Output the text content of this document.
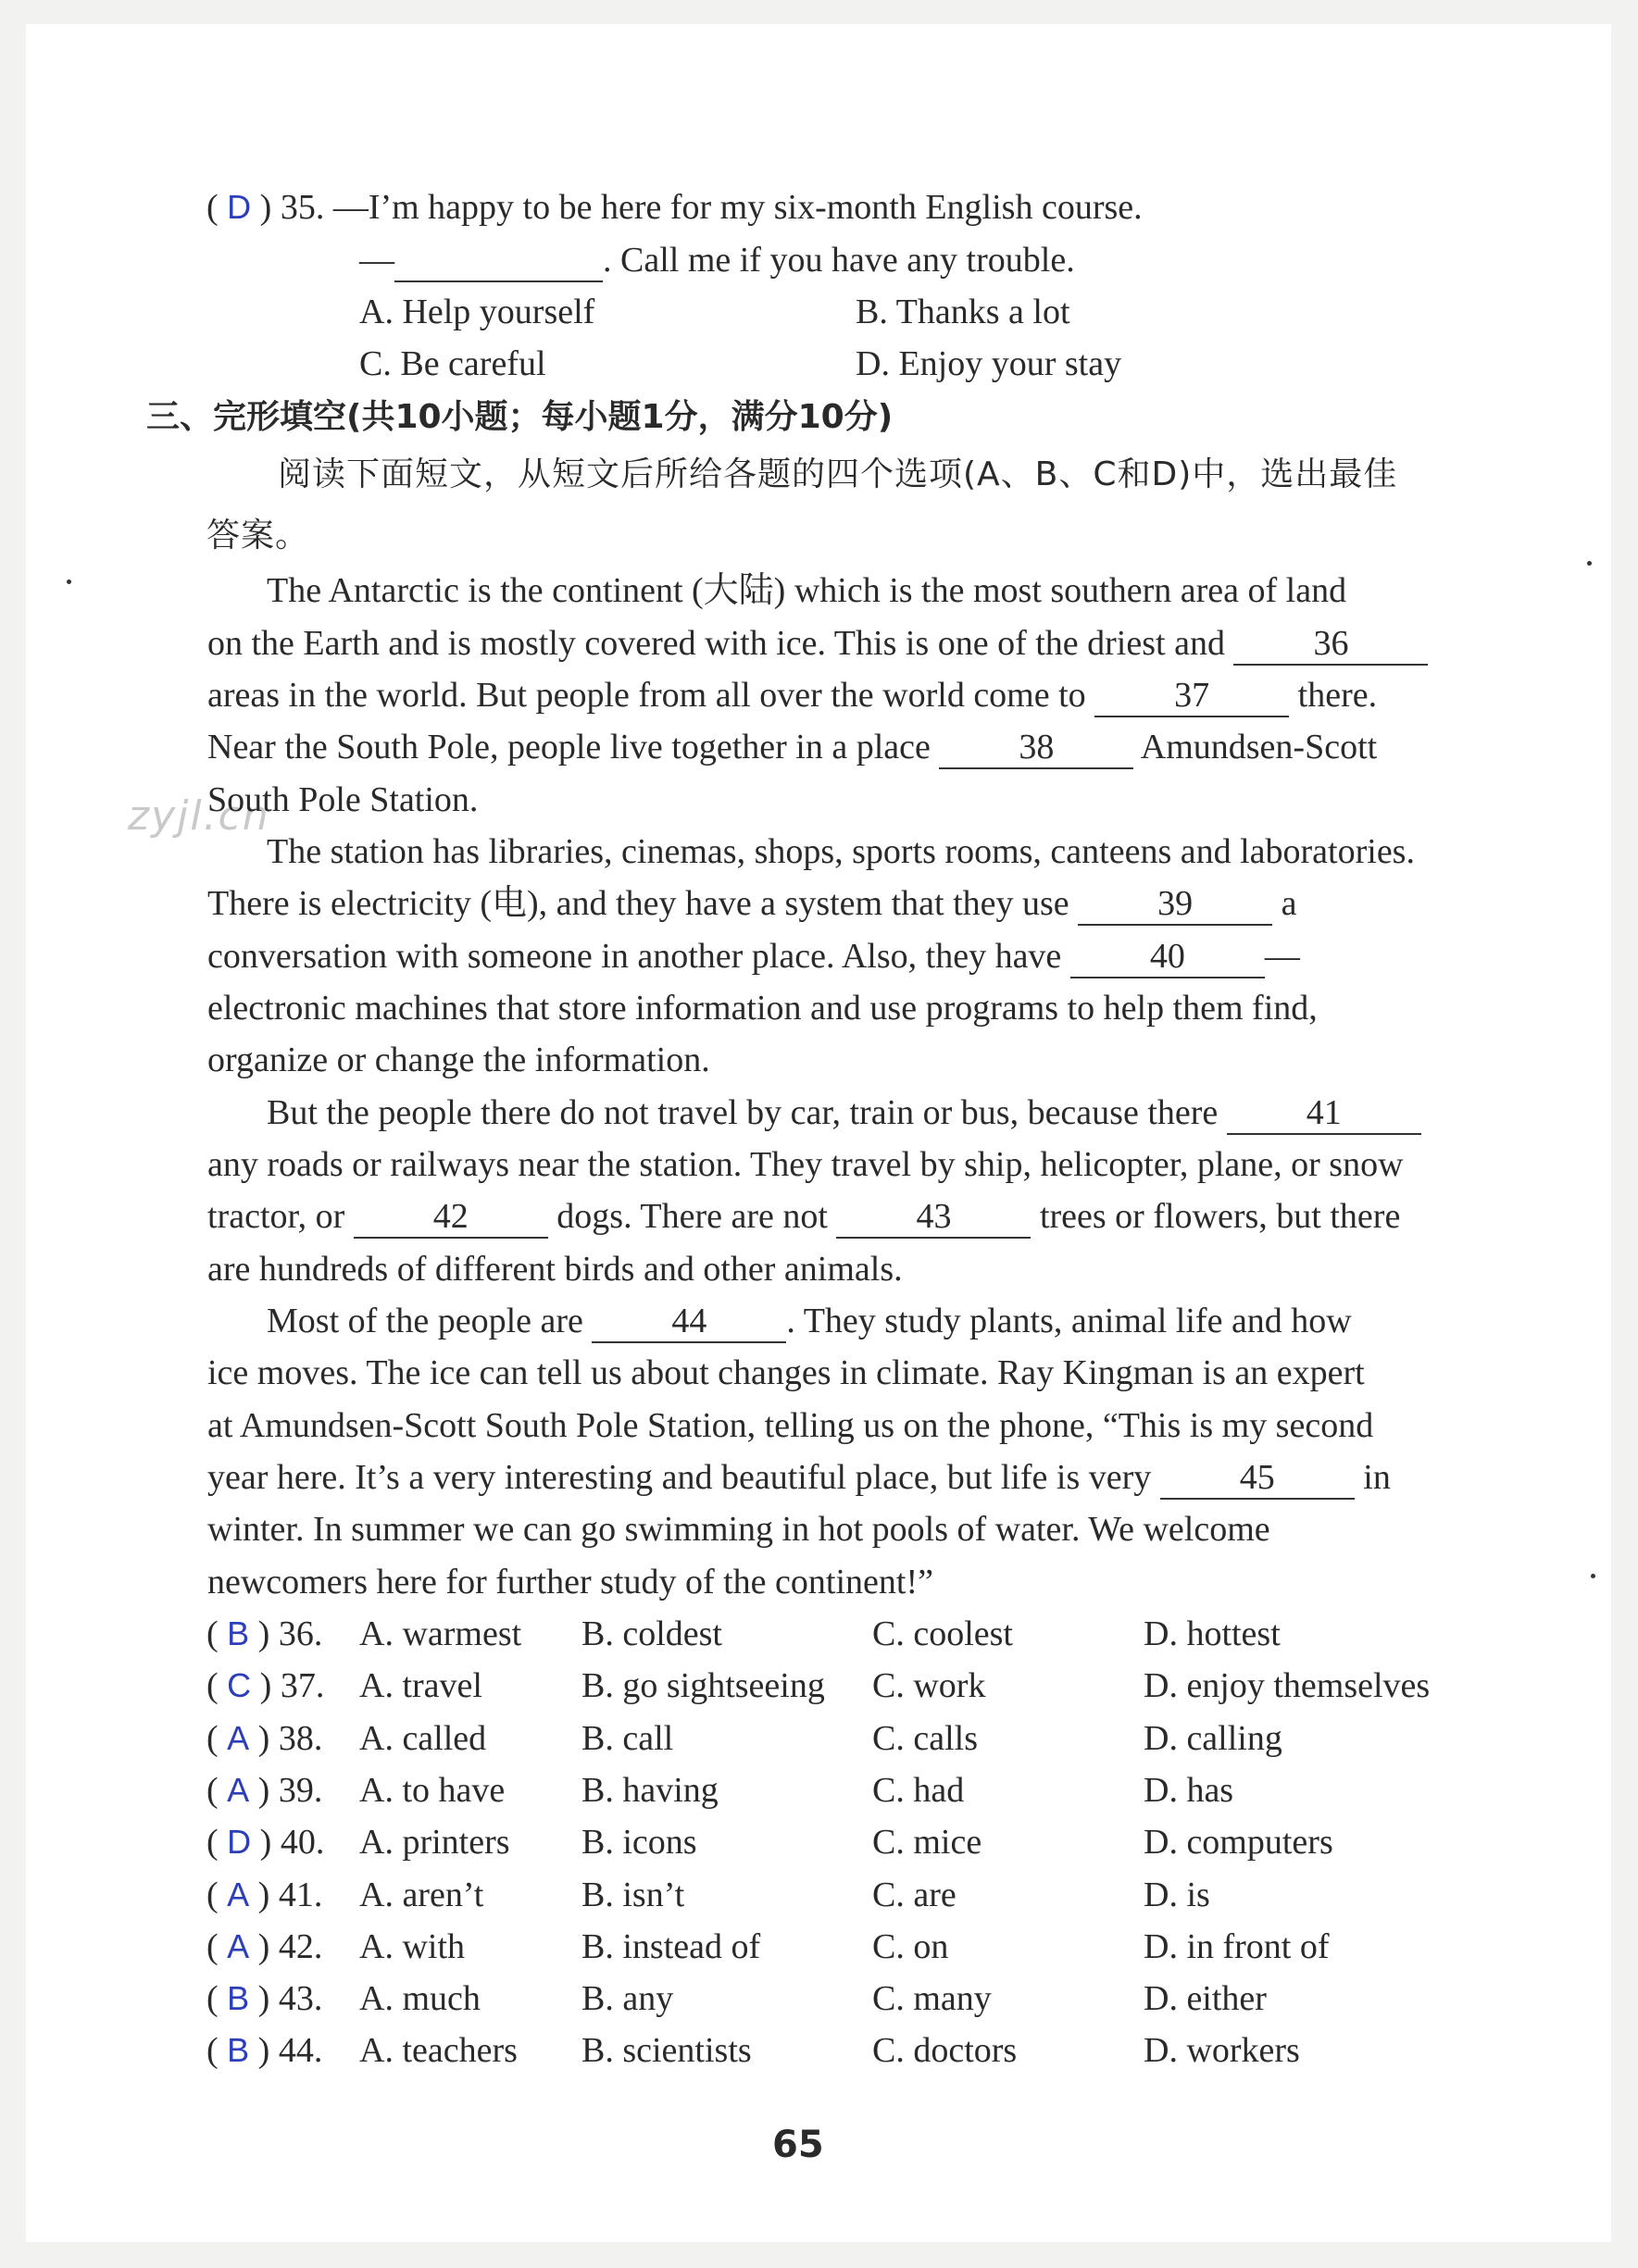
( D ) 35. —I’m happy to be here for my six-month English course.
—	. Call me if you have any trouble.
A. Help yourself	B. Thanks a lot
C. Be careful	D. Enjoy your stay
三、完形填空(共10小题；每小题1分，满分10分)
阅读下面短文，从短文后所给各题的四个选项(A、B、C和D)中，选出最佳
答案。
zyjl.cn
The Antarctic is the continent (大陆) which is the most southern area of land
on the Earth and is mostly covered with ice. This is one of the driest and 36
areas in the world. But people from all over the world come to 37 there.
Near the South Pole, people live together in a place 38 Amundsen-Scott
South Pole Station.
The station has libraries, cinemas, shops, sports rooms, canteens and laboratories.
There is electricity (电), and they have a system that they use 39 a
conversation with someone in another place. Also, they have 40 —
electronic machines that store information and use programs to help them find,
organize or change the information.
But the people there do not travel by car, train or bus, because there 41
any roads or railways near the station. They travel by ship, helicopter, plane, or snow
tractor, or 42 dogs. There are not 43 trees or flowers, but there
are hundreds of different birds and other animals.
Most of the people are 44 . They study plants, animal life and how
ice moves. The ice can tell us about changes in climate. Ray Kingman is an expert
at Amundsen-Scott South Pole Station, telling us on the phone, “This is my second
year here. It’s a very interesting and beautiful place, but life is very 45 in
winter. In summer we can go swimming in hot pools of water. We welcome
newcomers here for further study of the continent!”
( B ) 36. A. warmest B. coldest	C. coolest	D. hottest
( C ) 37. A. travel	B. go sightseeing C. work	D. enjoy themselves
( A ) 38. A. called	B. call	C. calls	D. calling
( A ) 39. A. to have B. having	C. had	D. has
( D ) 40. A. printers B. icons	C. mice	D. computers
( A ) 41. A. aren’t	B. isn’t	C. are	D. is
( A ) 42. A. with	B. instead of	C. on	D. in front of
( B ) 43. A. much	B. any	C. many	D. either
( B ) 44. A. teachers B. scientists	C. doctors	D. workers
65
